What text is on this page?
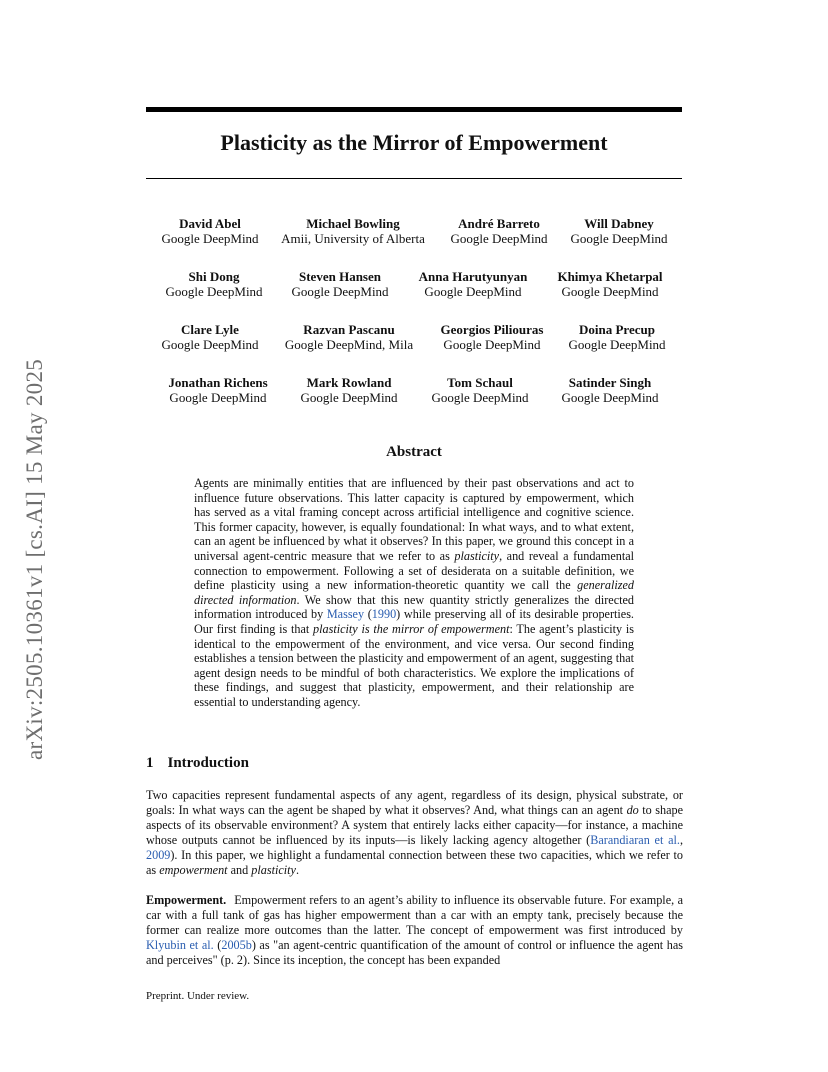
arXiv:2505.10361v1 [cs.AI] 15 May 2025
Plasticity as the Mirror of Empowerment
David Abel
Google DeepMind
Michael Bowling
Amii, University of Alberta
André Barreto
Google DeepMind
Will Dabney
Google DeepMind
Shi Dong
Google DeepMind
Steven Hansen
Google DeepMind
Anna Harutyunyan
Google DeepMind
Khimya Khetarpal
Google DeepMind
Clare Lyle
Google DeepMind
Razvan Pascanu
Google DeepMind, Mila
Georgios Piliouras
Google DeepMind
Doina Precup
Google DeepMind
Jonathan Richens
Google DeepMind
Mark Rowland
Google DeepMind
Tom Schaul
Google DeepMind
Satinder Singh
Google DeepMind
Abstract
Agents are minimally entities that are influenced by their past observations and act to influence future observations. This latter capacity is captured by empowerment, which has served as a vital framing concept across artificial intelligence and cognitive science. This former capacity, however, is equally foundational: In what ways, and to what extent, can an agent be influenced by what it observes? In this paper, we ground this concept in a universal agent-centric measure that we refer to as plasticity, and reveal a fundamental connection to empowerment. Following a set of desiderata on a suitable definition, we define plasticity using a new information-theoretic quantity we call the generalized directed information. We show that this new quantity strictly generalizes the directed information introduced by Massey (1990) while preserving all of its desirable properties. Our first finding is that plasticity is the mirror of empowerment: The agent’s plasticity is identical to the empowerment of the environment, and vice versa. Our second finding establishes a tension between the plasticity and empowerment of an agent, suggesting that agent design needs to be mindful of both characteristics. We explore the implications of these findings, and suggest that plasticity, empowerment, and their relationship are essential to understanding agency.
1 Introduction
Two capacities represent fundamental aspects of any agent, regardless of its design, physical substrate, or goals: In what ways can the agent be shaped by what it observes? And, what things can an agent do to shape aspects of its observable environment? A system that entirely lacks either capacity—for instance, a machine whose outputs cannot be influenced by its inputs—is likely lacking agency altogether (Barandiaran et al., 2009). In this paper, we highlight a fundamental connection between these two capacities, which we refer to as empowerment and plasticity.
Empowerment. Empowerment refers to an agent’s ability to influence its observable future. For example, a car with a full tank of gas has higher empowerment than a car with an empty tank, precisely because the former can realize more outcomes than the latter. The concept of empowerment was first introduced by Klyubin et al. (2005b) as "an agent-centric quantification of the amount of control or influence the agent has and perceives" (p. 2). Since its inception, the concept has been expanded
Preprint. Under review.
